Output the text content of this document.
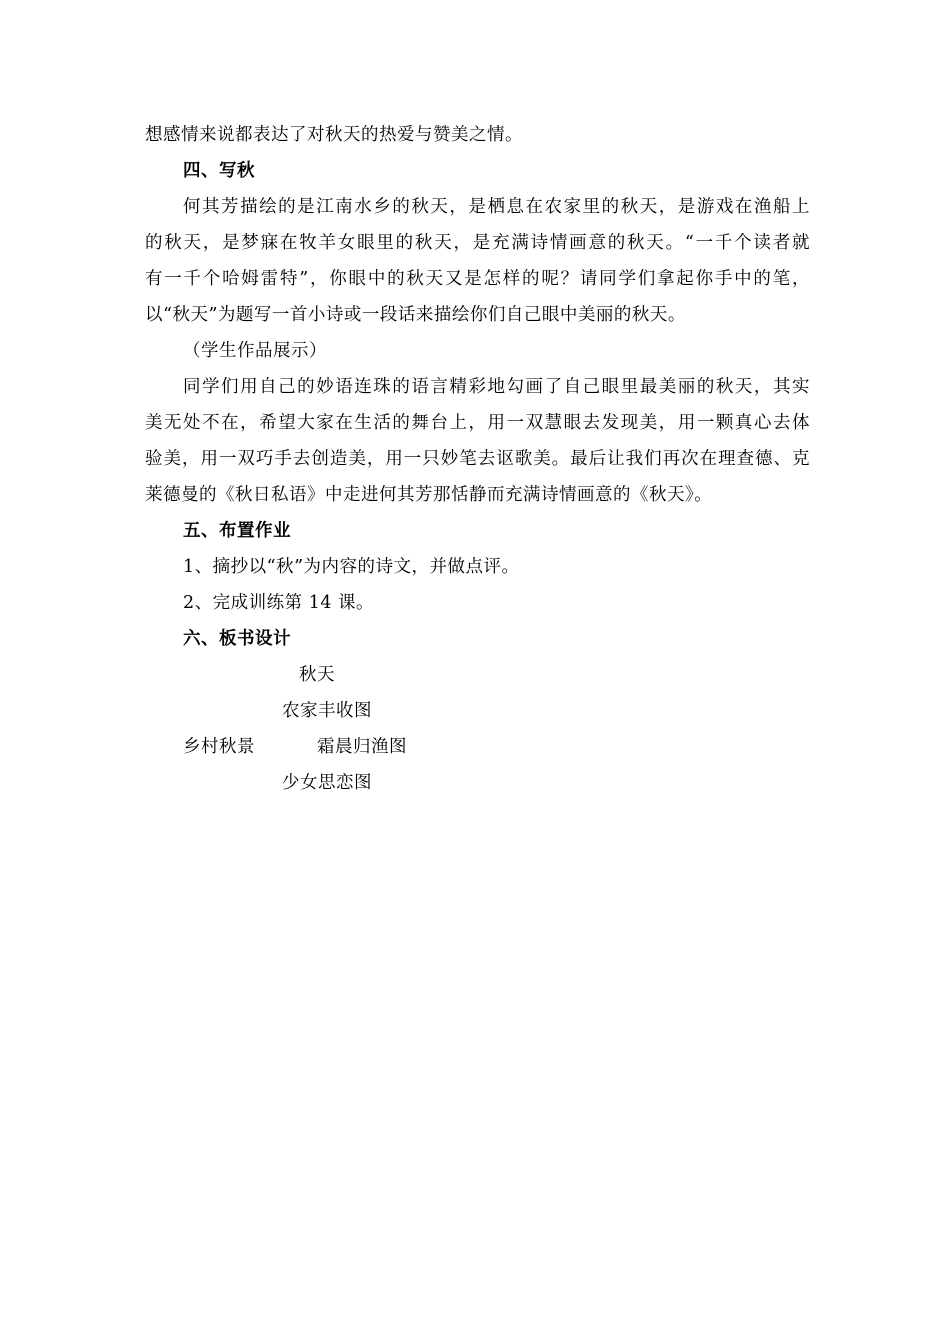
想感情来说都表达了对秋天的热爱与赞美之情。
四、写秋
何其芳描绘的是江南水乡的秋天，是栖息在农家里的秋天，是游戏在渔船上
的秋天，是梦寐在牧羊女眼里的秋天，是充满诗情画意的秋天。“一千个读者就
有一千个哈姆雷特”，你眼中的秋天又是怎样的呢？请同学们拿起你手中的笔，
以“秋天”为题写一首小诗或一段话来描绘你们自己眼中美丽的秋天。
（学生作品展示）
同学们用自己的妙语连珠的语言精彩地勾画了自己眼里最美丽的秋天，其实
美无处不在，希望大家在生活的舞台上，用一双慧眼去发现美，用一颗真心去体
验美，用一双巧手去创造美，用一只妙笔去讴歌美。最后让我们再次在理查德、克
莱德曼的《秋日私语》中走进何其芳那恬静而充满诗情画意的《秋天》。
五、布置作业
1、摘抄以“秋”为内容的诗文，并做点评。
2、完成训练第 14 课。
六、板书设计
秋天
农家丰收图
乡村秋景	霜晨归渔图
少女思恋图
